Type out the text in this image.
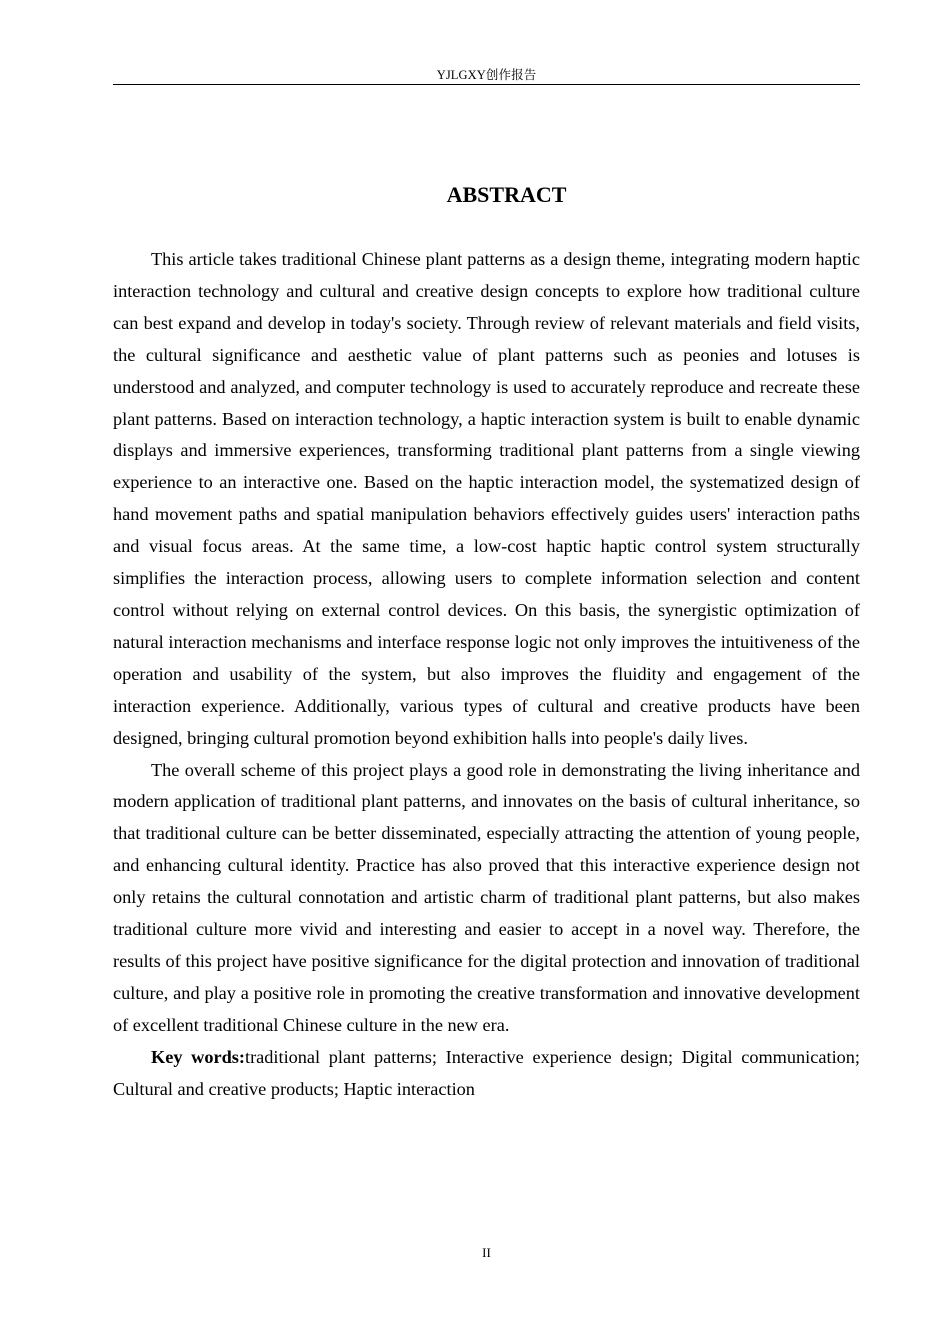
YJLGXY创作报告
ABSTRACT

This article takes traditional Chinese plant patterns as a design theme, integrating modern haptic interaction technology and cultural and creative design concepts to explore how traditional culture can best expand and develop in today's society. Through review of relevant materials and field visits, the cultural significance and aesthetic value of plant patterns such as peonies and lotuses is understood and analyzed, and computer technology is used to accurately reproduce and recreate these plant patterns. Based on interaction technology, a haptic interaction system is built to enable dynamic displays and immersive experiences, transforming traditional plant patterns from a single viewing experience to an interactive one. Based on the haptic interaction model, the systematized design of hand movement paths and spatial manipulation behaviors effectively guides users' interaction paths and visual focus areas. At the same time, a low-cost haptic haptic control system structurally simplifies the interaction process, allowing users to complete information selection and content control without relying on external control devices. On this basis, the synergistic optimization of natural interaction mechanisms and interface response logic not only improves the intuitiveness of the operation and usability of the system, but also improves the fluidity and engagement of the interaction experience. Additionally, various types of cultural and creative products have been designed, bringing cultural promotion beyond exhibition halls into people's daily lives.

The overall scheme of this project plays a good role in demonstrating the living inheritance and modern application of traditional plant patterns, and innovates on the basis of cultural inheritance, so that traditional culture can be better disseminated, especially attracting the attention of young people, and enhancing cultural identity. Practice has also proved that this interactive experience design not only retains the cultural connotation and artistic charm of traditional plant patterns, but also makes traditional culture more vivid and interesting and easier to accept in a novel way. Therefore, the results of this project have positive significance for the digital protection and innovation of traditional culture, and play a positive role in promoting the creative transformation and innovative development of excellent traditional Chinese culture in the new era.

Key words:traditional plant patterns; Interactive experience design; Digital communication; Cultural and creative products; Haptic interaction

II
